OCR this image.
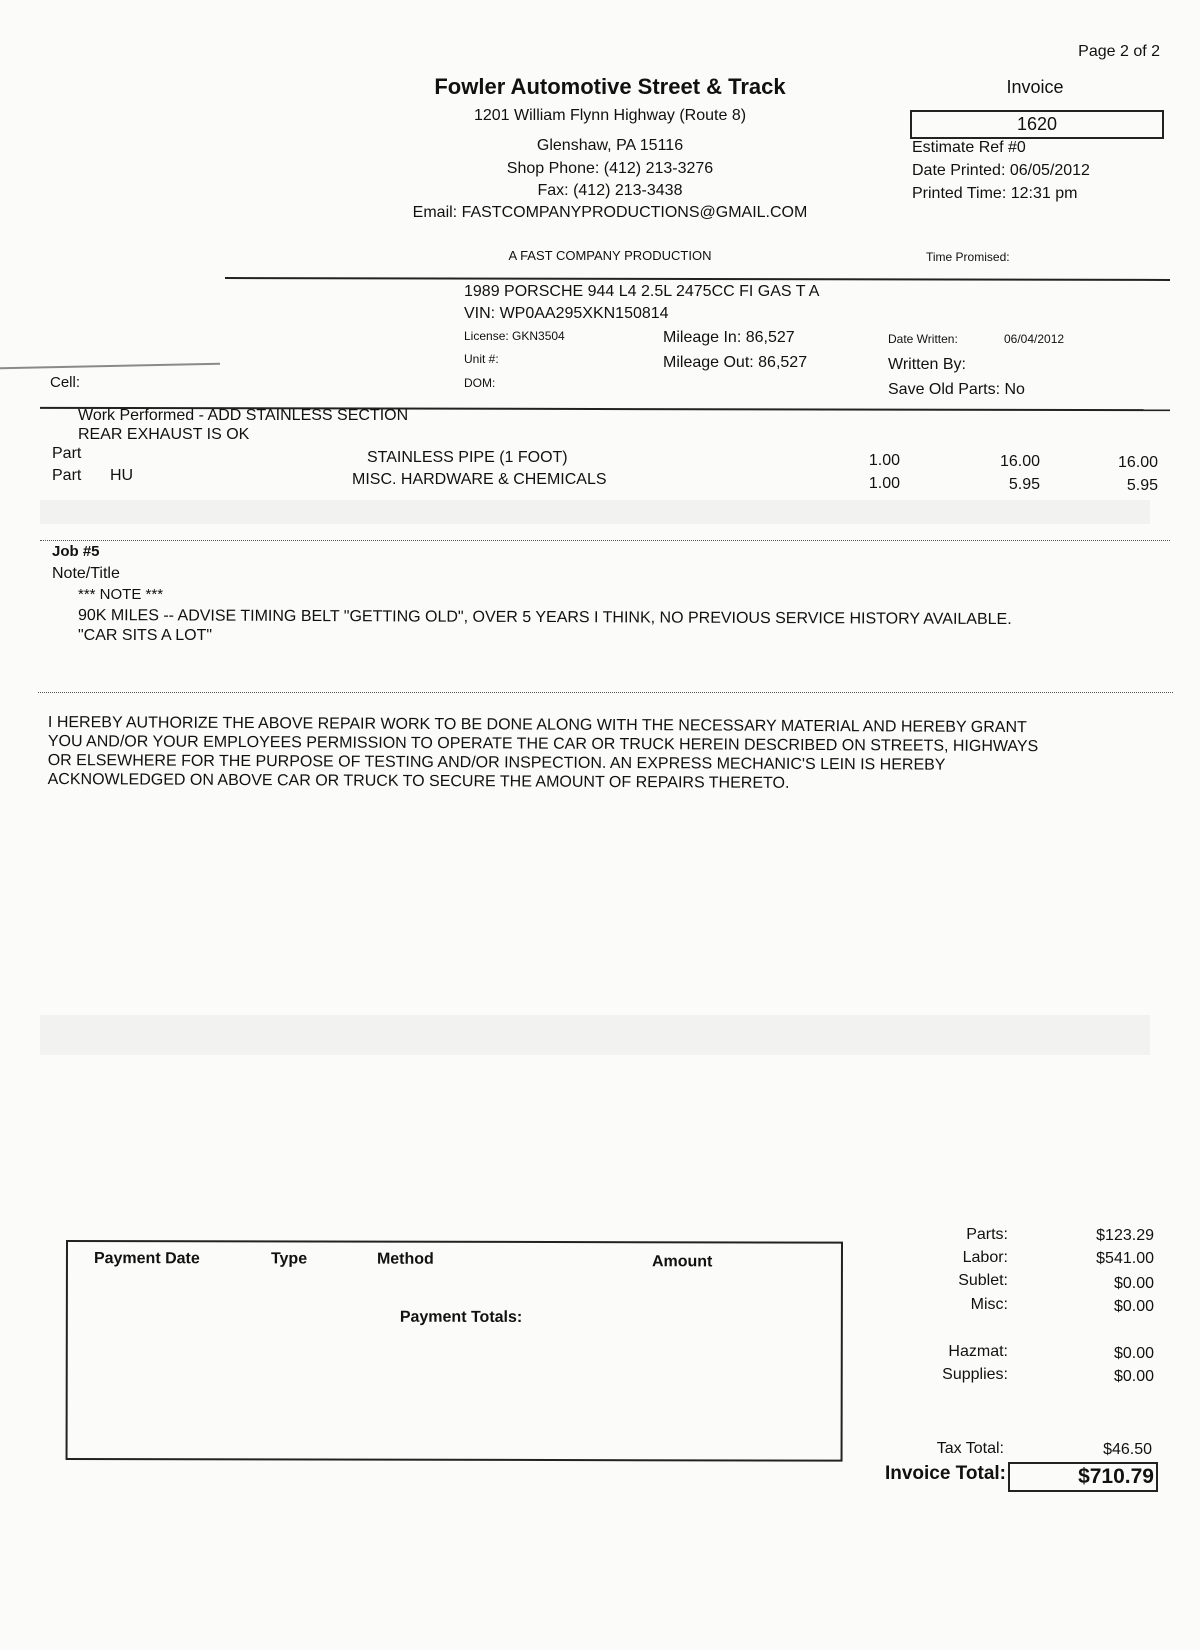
Page 2 of 2
Fowler Automotive Street & Track
1201 William Flynn Highway (Route 8)
Glenshaw, PA 15116
Shop Phone: (412) 213-3276
Fax: (412) 213-3438
Email: FASTCOMPANYPRODUCTIONS@GMAIL.COM
A FAST COMPANY PRODUCTION
Invoice
1620
Estimate Ref #0
Date Printed: 06/05/2012
Printed Time: 12:31 pm
Time Promised:
1989 PORSCHE 944 L4 2.5L 2475CC FI GAS T A
VIN: WP0AA295XKN150814
License: GKN3504
Unit #:
DOM:
Mileage In: 86,527
Mileage Out: 86,527
Date Written:	06/04/2012
Written By:
Save Old Parts: No
Cell:
Work Performed - ADD STAINLESS SECTION
REAR EXHAUST IS OK
Part	STAINLESS PIPE (1 FOOT)	1.00	16.00	16.00
Part HU	MISC. HARDWARE & CHEMICALS	1.00	5.95	5.95
Job #5
Note/Title
*** NOTE ***
90K MILES -- ADVISE TIMING BELT "GETTING OLD", OVER 5 YEARS I THINK, NO PREVIOUS SERVICE HISTORY AVAILABLE.
"CAR SITS A LOT"
I HEREBY AUTHORIZE THE ABOVE REPAIR WORK TO BE DONE ALONG WITH THE NECESSARY MATERIAL AND HEREBY GRANT
YOU AND/OR YOUR EMPLOYEES PERMISSION TO OPERATE THE CAR OR TRUCK HEREIN DESCRIBED ON STREETS, HIGHWAYS
OR ELSEWHERE FOR THE PURPOSE OF TESTING AND/OR INSPECTION. AN EXPRESS MECHANIC'S LEIN IS HEREBY
ACKNOWLEDGED ON ABOVE CAR OR TRUCK TO SECURE THE AMOUNT OF REPAIRS THERETO.
Payment Date	Type	Method	Amount
Payment Totals:
Parts:	$123.29
Labor:	$541.00
Sublet:	$0.00
Misc:	$0.00
Hazmat:	$0.00
Supplies:	$0.00
Tax Total:	$46.50
Invoice Total:	$710.79
